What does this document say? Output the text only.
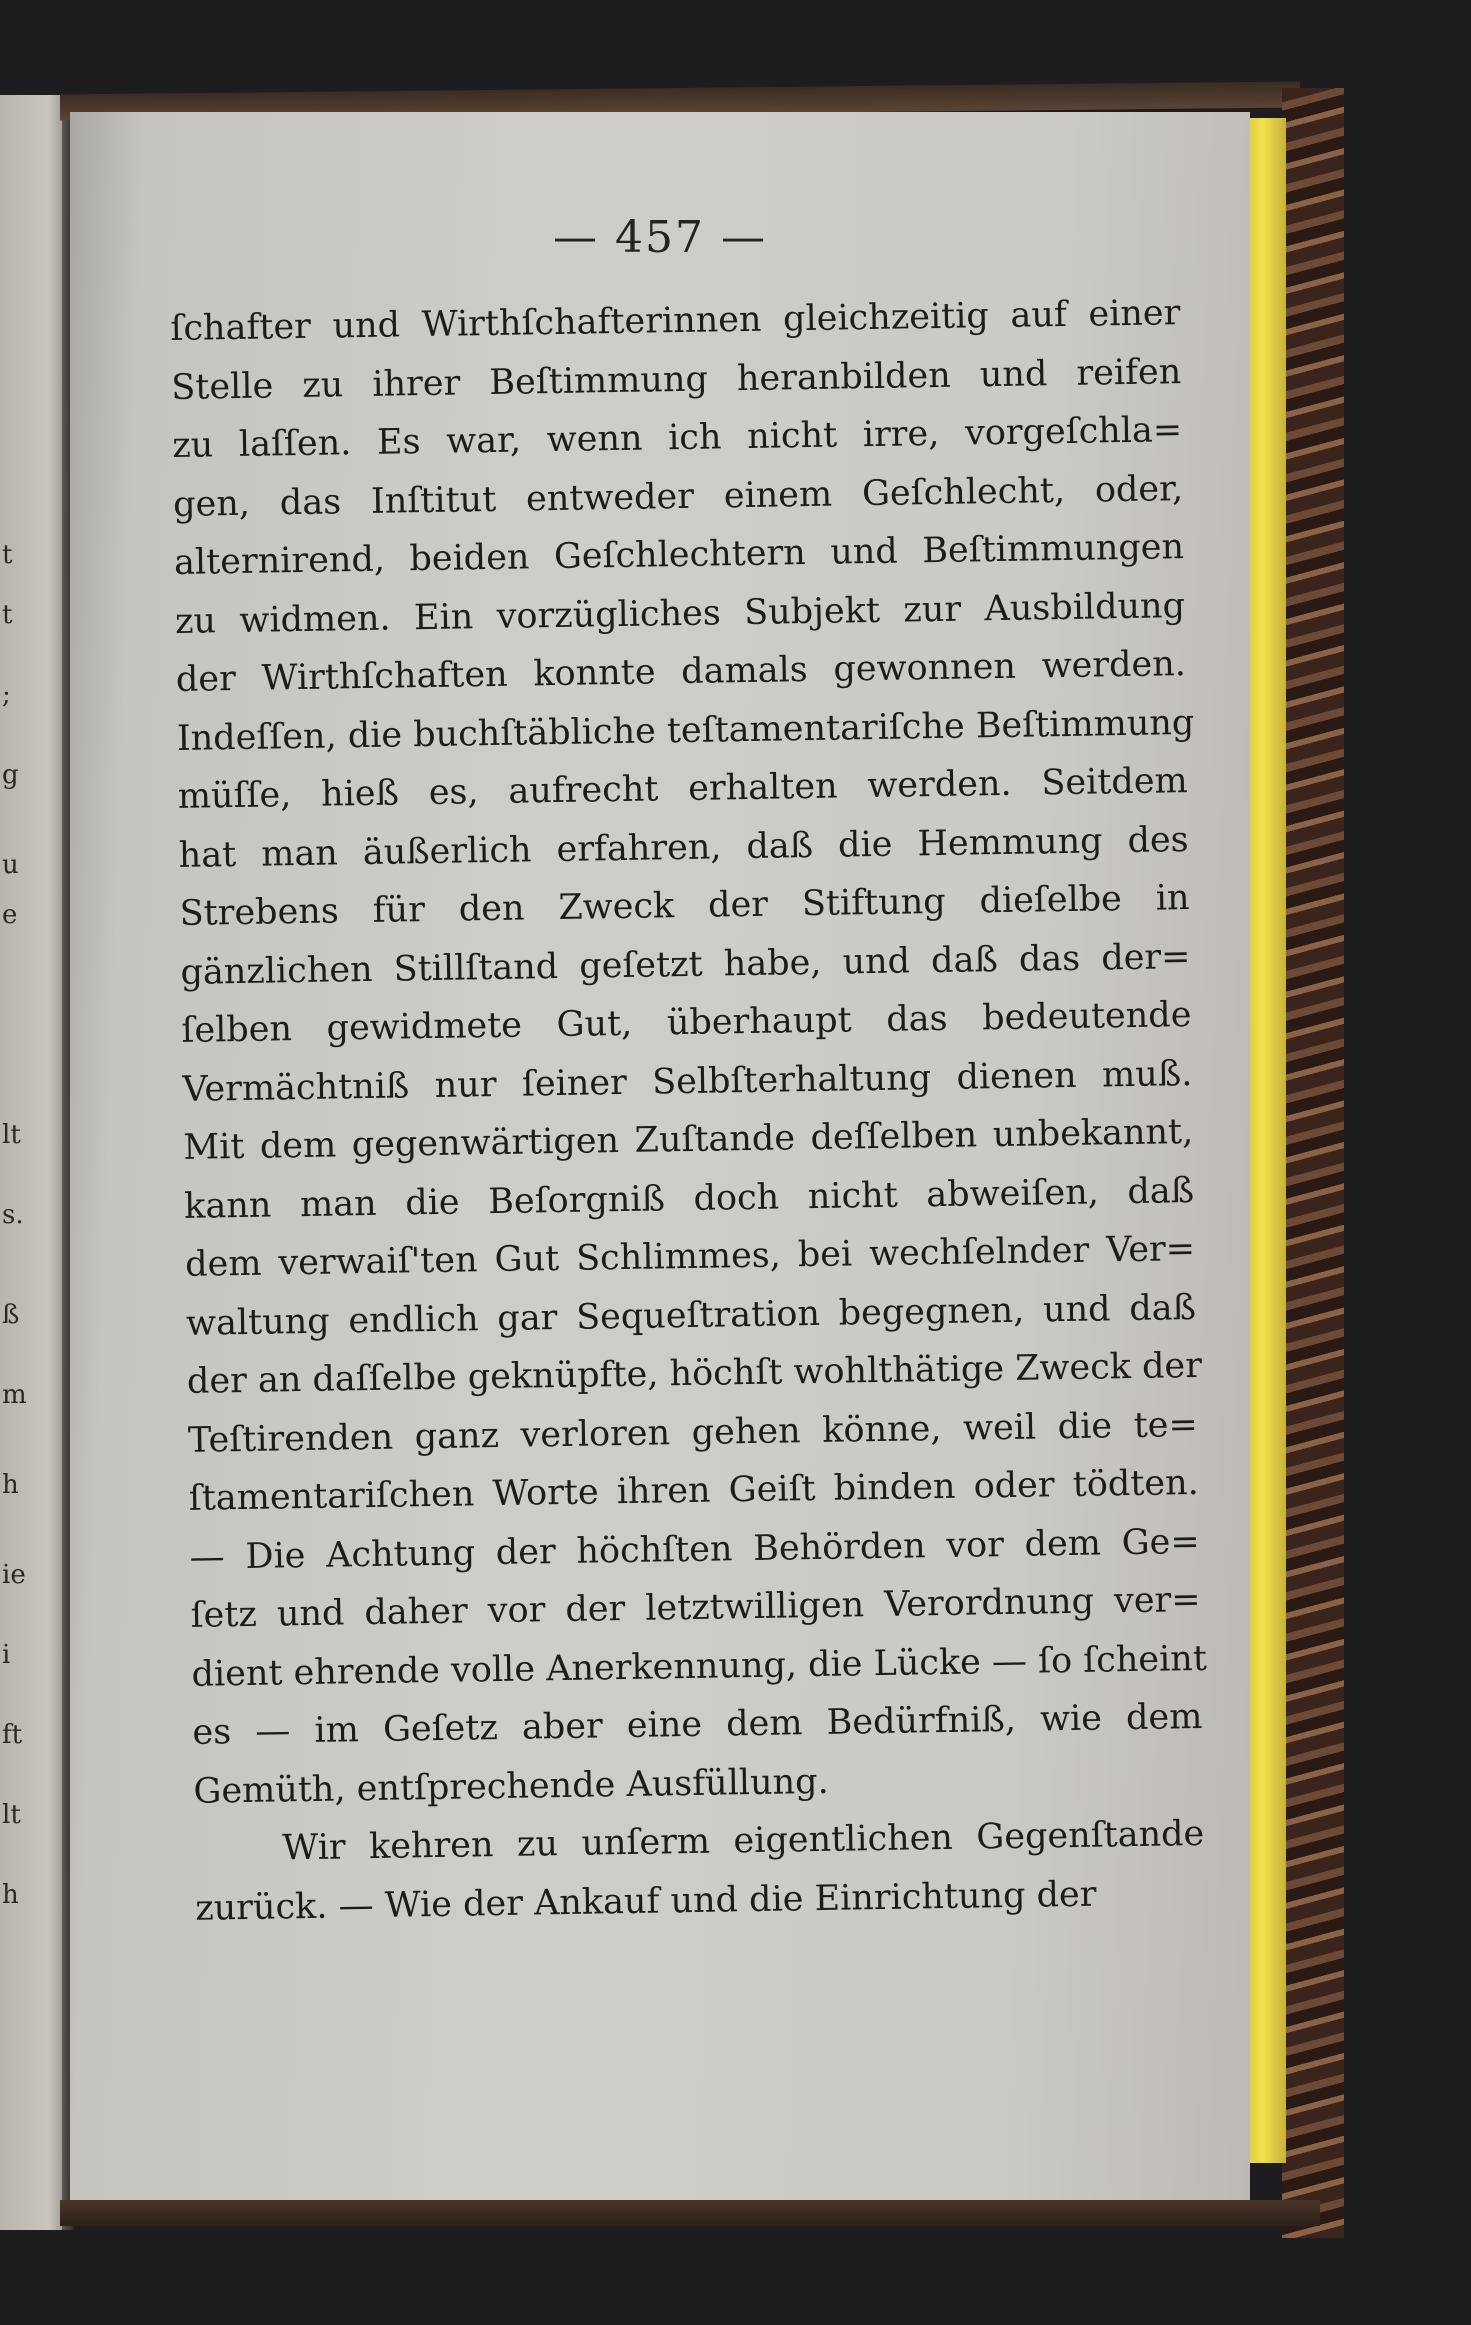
t
t
;
g
u
e
lt
s.
ß
m
h
ie
i
ft
lt
h
— 457 —
ſchafter und Wirthſchafterinnen gleichzeitig auf einer
Stelle zu ihrer Beſtimmung heranbilden und reifen
zu laſſen. Es war, wenn ich nicht irre, vorgeſchla=
gen, das Inſtitut entweder einem Geſchlecht, oder,
alternirend, beiden Geſchlechtern und Beſtimmungen
zu widmen. Ein vorzügliches Subjekt zur Ausbildung
der Wirthſchaften konnte damals gewonnen werden.
Indeſſen, die buchſtäbliche teſtamentariſche Beſtimmung
müſſe, hieß es, aufrecht erhalten werden. Seitdem
hat man äußerlich erfahren, daß die Hemmung des
Strebens für den Zweck der Stiftung dieſelbe in
gänzlichen Stillſtand geſetzt habe, und daß das der=
ſelben gewidmete Gut, überhaupt das bedeutende
Vermächtniß nur ſeiner Selbſterhaltung dienen muß.
Mit dem gegenwärtigen Zuſtande deſſelben unbekannt,
kann man die Beſorgniß doch nicht abweiſen, daß
dem verwaiſ'ten Gut Schlimmes, bei wechſelnder Ver=
waltung endlich gar Sequeſtration begegnen, und daß
der an daſſelbe geknüpfte, höchſt wohlthätige Zweck der
Teſtirenden ganz verloren gehen könne, weil die te=
ſtamentariſchen Worte ihren Geiſt binden oder tödten.
— Die Achtung der höchſten Behörden vor dem Ge=
ſetz und daher vor der letztwilligen Verordnung ver=
dient ehrende volle Anerkennung, die Lücke — ſo ſcheint
es — im Geſetz aber eine dem Bedürfniß, wie dem
Gemüth, entſprechende Ausfüllung.
Wir kehren zu unſerm eigentlichen Gegenſtande
zurück. — Wie der Ankauf und die Einrichtung der
